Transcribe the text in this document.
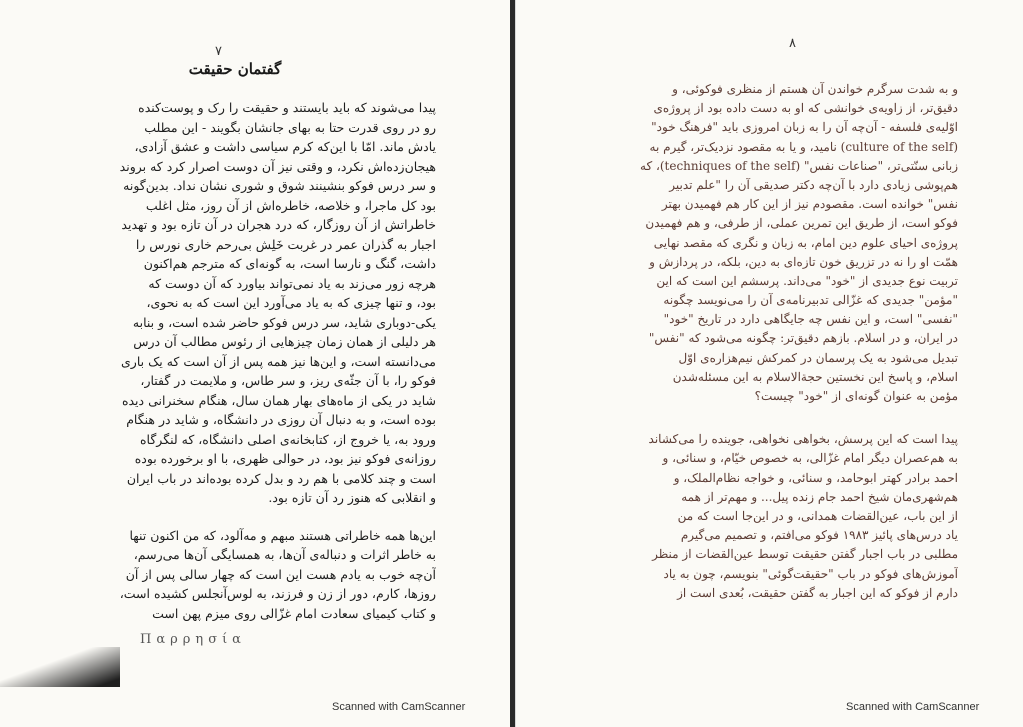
٧
گفتمان حقیقت
پیدا می‌شوند که باید بایستند و حقیقت را رک و پوست‌کنده
رو در روی قدرت حتا به بهای جانشان بگویند - این مطلب
یادش ماند. امّا با این‌که کرم سیاسی داشت و عشق آزادی،
هیجان‌زده‌اش نکرد، و وقتی نیز آن دوست اصرار کرد که بروند
و سر درس فوکو بنشینند شوق و شوری نشان نداد. بدین‌گونه
بود کل ماجرا، و خلاصه، خاطره‌اش از آن روز، مثل اغلب
خاطراتش از آن روزگار، که درد هجران در آن تازه بود و تهدید
اجبار به گذران عمر در غربت خَلِش بی‌رحم خاری نورس را
داشت، گنگ و نارسا است، به گونه‌ای که مترجم هم‌اکنون
هرچه زور می‌زند به یاد نمی‌تواند بیاورد که آن دوست که
بود، و تنها چیزی که به یاد می‌آورد این است که به نحوی،
یکی-دوباری شاید، سر درس فوکو حاضر شده است، و بنابه
هر دلیلی از همان زمان چیزهایی از رئوس مطالب آن درس
می‌دانسته است، و این‌ها نیز همه پس از آن است که یک باری
فوکو را، با آن جثّه‌ی ریز، و سر طاس، و ملایمت در گفتار،
شاید در یکی از ماه‌های بهار همان سال، هنگام سخنرانی دیده
بوده است، و به دنبال آن روزی در دانشگاه، و شاید در هنگام
ورود به، یا خروج از، کتابخانه‌ی اصلی دانشگاه، که لنگرگاه
روزانه‌ی فوکو نیز بود، در حوالی ظهری، با او برخورده بوده
است و چند کلامی با هم رد و بدل کرده بوده‌اند در باب ایران
و انقلابی که هنوز رد آن تازه بود.
این‌ها همه خاطراتی هستند مبهم و مه‌آلود، که من اکنون تنها
به خاطر اثرات و دنباله‌ی آن‌ها، به همسایگی آن‌ها می‌رسم،
آن‌چه خوب به یادم هست این است که چهار سالی پس از آن
روزها، کارم، دور از زن و فرزند، به لوس‌آنجلس کشیده است،
و کتاب کیمیای سعادت امام غزّالی روی میزم پهن است
Παρρησία
Scanned with CamScanner
٨
و به شدت سرگرم خواندن آن هستم از منظری فوکوئی، و
دقیق‌تر، از زاویه‌ی خوانشی که او به دست داده بود از پروژه‌ی
اوّلیه‌ی فلسفه - آن‌چه آن را به زبان امروزی باید "فرهنگ خود"
(culture of the self) نامید، و یا به مقصود نزدیک‌تر، گیرم به
زبانی سنّتی‌تر، "صناعات نفس" (techniques of the self)، که
هم‌پوشی زیادی دارد با آن‌چه دکتر صدیقی آن را "علم تدبیر
نفس" خوانده است. مقصودم نیز از این کار هم فهمیدن بهتر
فوکو است، از طریق این تمرین عملی، از طرفی، و هم فهمیدن
پروژه‌ی احیای علوم دین امام، به زبان و نگری که مقصد نهایی
همّت او را نه در تزریق خون تازه‌ای به دین، بلکه، در پردازش و
تربیت نوع جدیدی از "خود" می‌داند. پرسشم این است که این
"مؤمن" جدیدی که غزّالی تدبیرنامه‌ی آن را می‌نویسد چگونه
"نفسی" است، و این نفس چه جایگاهی دارد در تاریخ "خود"
در ایران، و در اسلام. بازهم دقیق‌تر: چگونه می‌شود که "نفس"
تبدیل می‌شود به یک پرسمان در کمرکش نیم‌هزاره‌ی اوّل
اسلام، و پاسخ این نخستین حجة‌الاسلام به این مسئله‌شدن
مؤمن به عنوان گونه‌ای از "خود" چیست؟
پیدا است که این پرسش، بخواهی نخواهی، جوینده را می‌کشاند
به هم‌عصران دیگر امام غزّالی، به خصوص خیّام، و سنائی، و
احمد برادر کهتر ابوحامد، و سنائی، و خواجه نظام‌الملک، و
هم‌شهری‌مان شیخ احمد جام زنده پیل... و مهم‌تر از همه
از این باب، عین‌القضات همدانی، و در این‌جا است که من
یاد درس‌های پائیز ۱۹۸۳ فوکو می‌افتم، و تصمیم می‌گیرم
مطلبی در باب اجبار گفتن حقیقت توسط عین‌القضات از منظر
آموزش‌های فوکو در باب "حقیقت‌گوئی" بنویسم، چون به یاد
دارم از فوکو که این اجبار به گفتن حقیقت، بُعدی است از
Scanned with CamScanner
